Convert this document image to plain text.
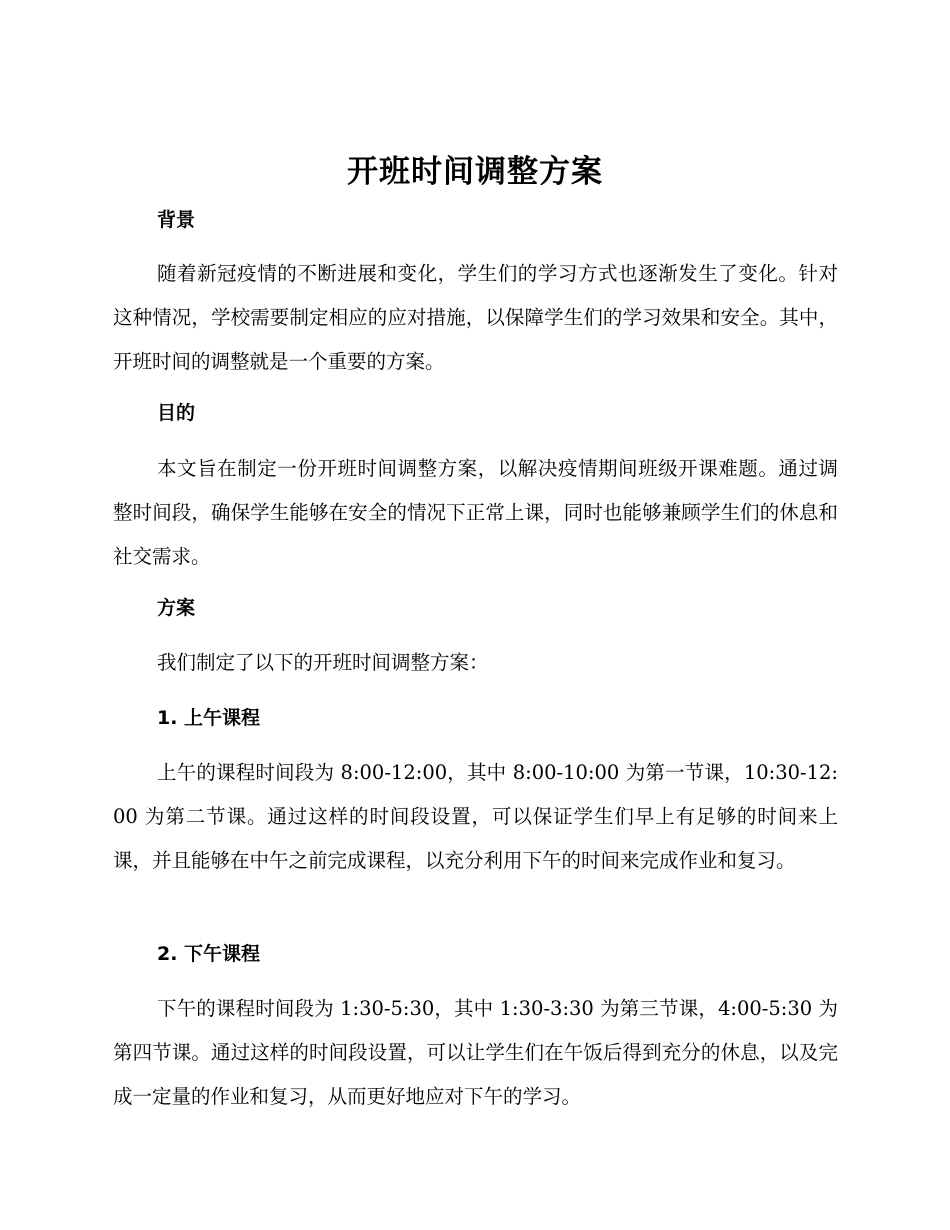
开班时间调整方案
背景
随着新冠疫情的不断进展和变化，学生们的学习方式也逐渐发生了变化。针对这种情况，学校需要制定相应的应对措施，以保障学生们的学习效果和安全。其中，开班时间的调整就是一个重要的方案。
目的
本文旨在制定一份开班时间调整方案，以解决疫情期间班级开课难题。通过调整时间段，确保学生能够在安全的情况下正常上课，同时也能够兼顾学生们的休息和社交需求。
方案
我们制定了以下的开班时间调整方案：
1. 上午课程
上午的课程时间段为 8:00-12:00，其中 8:00-10:00 为第一节课，10:30-12:00 为第二节课。通过这样的时间段设置，可以保证学生们早上有足够的时间来上课，并且能够在中午之前完成课程，以充分利用下午的时间来完成作业和复习。
2. 下午课程
下午的课程时间段为 1:30-5:30，其中 1:30-3:30 为第三节课，4:00-5:30 为第四节课。通过这样的时间段设置，可以让学生们在午饭后得到充分的休息，以及完成一定量的作业和复习，从而更好地应对下午的学习。
